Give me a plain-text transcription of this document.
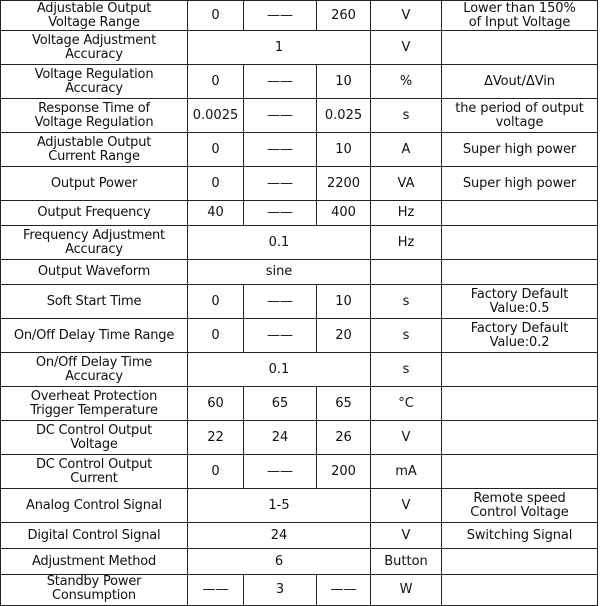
Adjustable Output
Voltage Range	0	——	260	V	Lower than 150%
of Input Voltage
Voltage Adjustment
Accuracy	1			V	
Voltage Regulation
Accuracy	0	——	10	%	ΔVout/ΔVin
Response Time of
Voltage Regulation	0.0025	——	0.025	s	the period of output
voltage
Adjustable Output
Current Range	0	——	10	A	Super high power
Output Power	0	——	2200	VA	Super high power
Output Frequency	40	——	400	Hz	
Frequency Adjustment
Accuracy	0.1			Hz	
Output Waveform	sine				
Soft Start Time	0	——	10	s	Factory Default
Value:0.5
On/Off Delay Time Range	0	——	20	s	Factory Default
Value:0.2
On/Off Delay Time
Accuracy	0.1			s	
Overheat Protection
Trigger Temperature	60	65	65	°C	
DC Control Output
Voltage	22	24	26	V	
DC Control Output
Current	0	——	200	mA	
Analog Control Signal	1-5			V	Remote speed
Control Voltage
Digital Control Signal	24			V	Switching Signal
Adjustment Method	6			Button	
Standby Power
Consumption	——	3	——	W	
